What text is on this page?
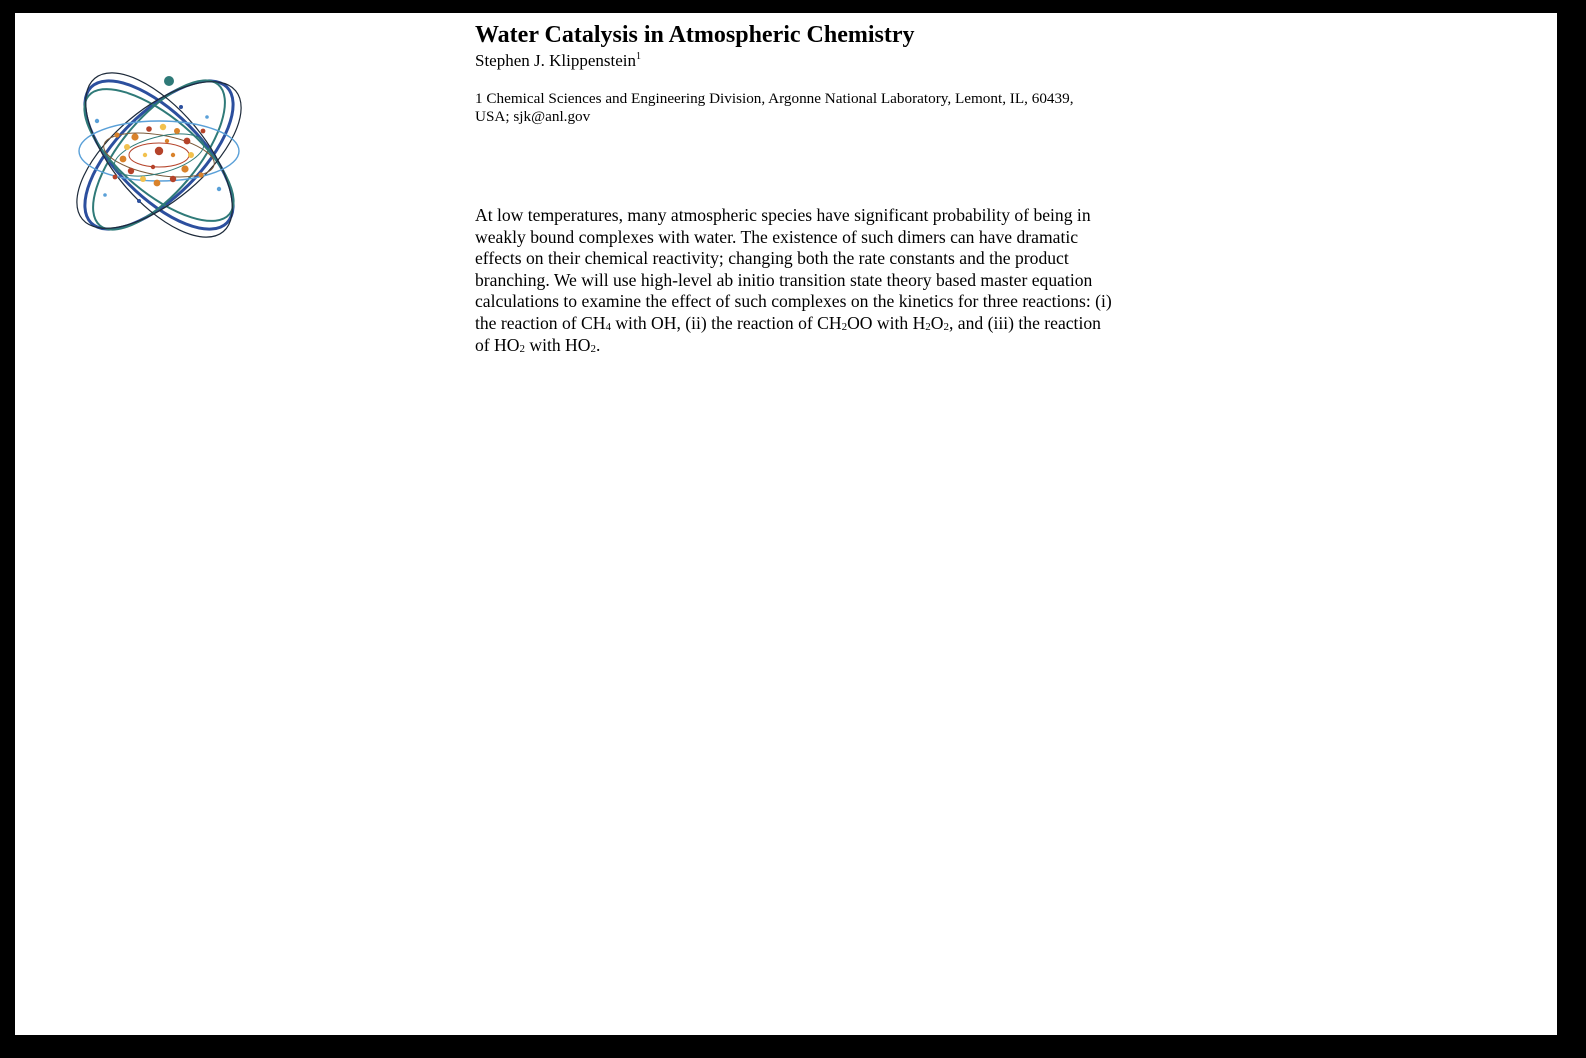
Water Catalysis in Atmospheric Chemistry
Stephen J. Klippenstein$^1$
1 Chemical Sciences and Engineering Division, Argonne National Laboratory, Lemont, IL, 60439, USA; sjk@anl.gov

At low temperatures, many atmospheric species have significant probability of being in weakly bound complexes with water. The existence of such dimers can have dramatic effects on their chemical reactivity; changing both the rate constants and the product branching. We will use high-level ab initio transition state theory based master equation calculations to examine the effect of such complexes on the kinetics for three reactions: (i) the reaction of $CH_4$ with OH, (ii) the reaction of $CH_2OO$ with $H_2O_2$, and (iii) the reaction of $HO_2$ with $HO_2$.
